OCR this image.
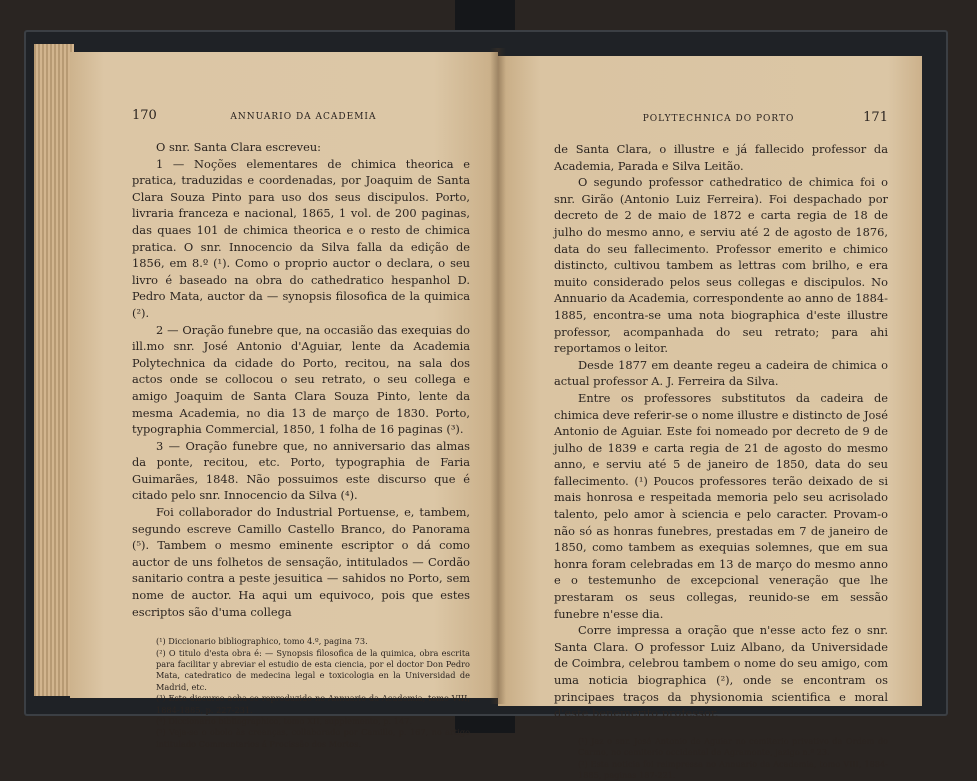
170	ANNUARIO DA ACADEMIA

O snr. Santa Clara escreveu:

1 — Noções elementares de chimica theorica e pratica, traduzidas e coordenadas, por Joaquim de Santa Clara Souza Pinto para uso dos seus discipulos. Porto, livraria franceza e nacional, 1865, 1 vol. de 200 paginas, das quaes 101 de chimica theorica e o resto de chimica pratica. O snr. Innocencio da Silva falla da edição de 1856, em 8.º (¹). Como o proprio auctor o declara, o seu livro é baseado na obra do cathedratico hespanhol D. Pedro Mata, auctor da — synopsis filosofica de la quimica (²).

2 — Oração funebre que, na occasião das exequias do ill.mo snr. José Antonio d'Aguiar, lente da Academia Polytechnica da cidade do Porto, recitou, na sala dos actos onde se collocou o seu retrato, o seu collega e amigo Joaquim de Santa Clara Souza Pinto, lente da mesma Academia, no dia 13 de março de 1830. Porto, typographia Commercial, 1850, 1 folha de 16 paginas (³).

3 — Oração funebre que, no anniversario das almas da ponte, recitou, etc. Porto, typographia de Faria Guimarães, 1848. Não possuimos este discurso que é citado pelo snr. Innocencio da Silva (⁴).

Foi collaborador do Industrial Portuense, e, tambem, segundo escreve Camillo Castello Branco, do Panorama (⁵). Tambem o mesmo eminente escriptor o dá como auctor de uns folhetos de sensação, intitulados — Cordão sanitario contra a peste jesuitica — sahidos no Porto, sem nome de auctor. Ha aqui um equivoco, pois que estes escriptos são d'uma collega

(¹) Diccionario bibliographico, tomo 4.º, pagina 73.

(²) O titulo d'esta obra é: — Synopsis filosofica de la quimica, obra escrita para facilitar y abreviar el estudio de esta ciencia, por el doctor Don Pedro Mata, catedratico de medecina legal e toxicologia en la Universidad de Madrid, etc.

(³) Este discurso acha-se reproduzido no Annuario da Academia, tomo VIII, 1884-1885, p. 227-231.

(⁴) Diccionario bibliographico, tomo XII, supplemento, p. 147.

(⁵) Veja-se o obolo às creanças, collaborado por Camillo, p. 167, no artigo intitulado Commentarios á Procissão dos Mortos.

POLYTECHNICA DO PORTO	171

de Santa Clara, o illustre e já fallecido professor da Academia, Parada e Silva Leitão.

O segundo professor cathedratico de chimica foi o snr. Girão (Antonio Luiz Ferreira). Foi despachado por decreto de 2 de maio de 1872 e carta regia de 18 de julho do mesmo anno, e serviu até 2 de agosto de 1876, data do seu fallecimento. Professor emerito e chimico distincto, cultivou tambem as lettras com brilho, e era muito considerado pelos seus collegas e discipulos. No Annuario da Academia, correspondente ao anno de 1884-1885, encontra-se uma nota biographica d'este illustre professor, acompanhada do seu retrato; para ahi reportamos o leitor.

Desde 1877 em deante regeu a cadeira de chimica o actual professor A. J. Ferreira da Silva.

Entre os professores substitutos da cadeira de chimica deve referir-se o nome illustre e distincto de José Antonio de Aguiar. Este foi nomeado por decreto de 9 de julho de 1839 e carta regia de 21 de agosto do mesmo anno, e serviu até 5 de janeiro de 1850, data do seu fallecimento. (¹) Poucos professores terão deixado de si mais honrosa e respeitada memoria pelo seu acrisolado talento, pelo amor à sciencia e pelo caracter. Provam-o não só as honras funebres, prestadas em 7 de janeiro de 1850, como tambem as exequias solemnes, que em sua honra foram celebradas em 13 de março do mesmo anno e o testemunho de excepcional veneração que lhe prestaram os seus collegas, reunido-se em sessão funebre n'esse dia.

Corre impressa a oração que n'esse acto fez o snr. Santa Clara. O professor Luiz Albano, da Universidade de Coimbra, celebrou tambem o nome do seu amigo, com uma noticia biographica (²), onde se encontram os principaes traços da physionomia scientifica e moral d'este benemerito professor.

(¹) Jaz o snr. José Antonio de Aguiar no cemiterio privativo da Ordem do Carmo, no cemiterio occidental de Agramonte, jazigo n.º 23.

(²) Esta noticia foi reimpressa no Annuario da Academia, tomo VIII, 1884-1885, paginas 187-221.
